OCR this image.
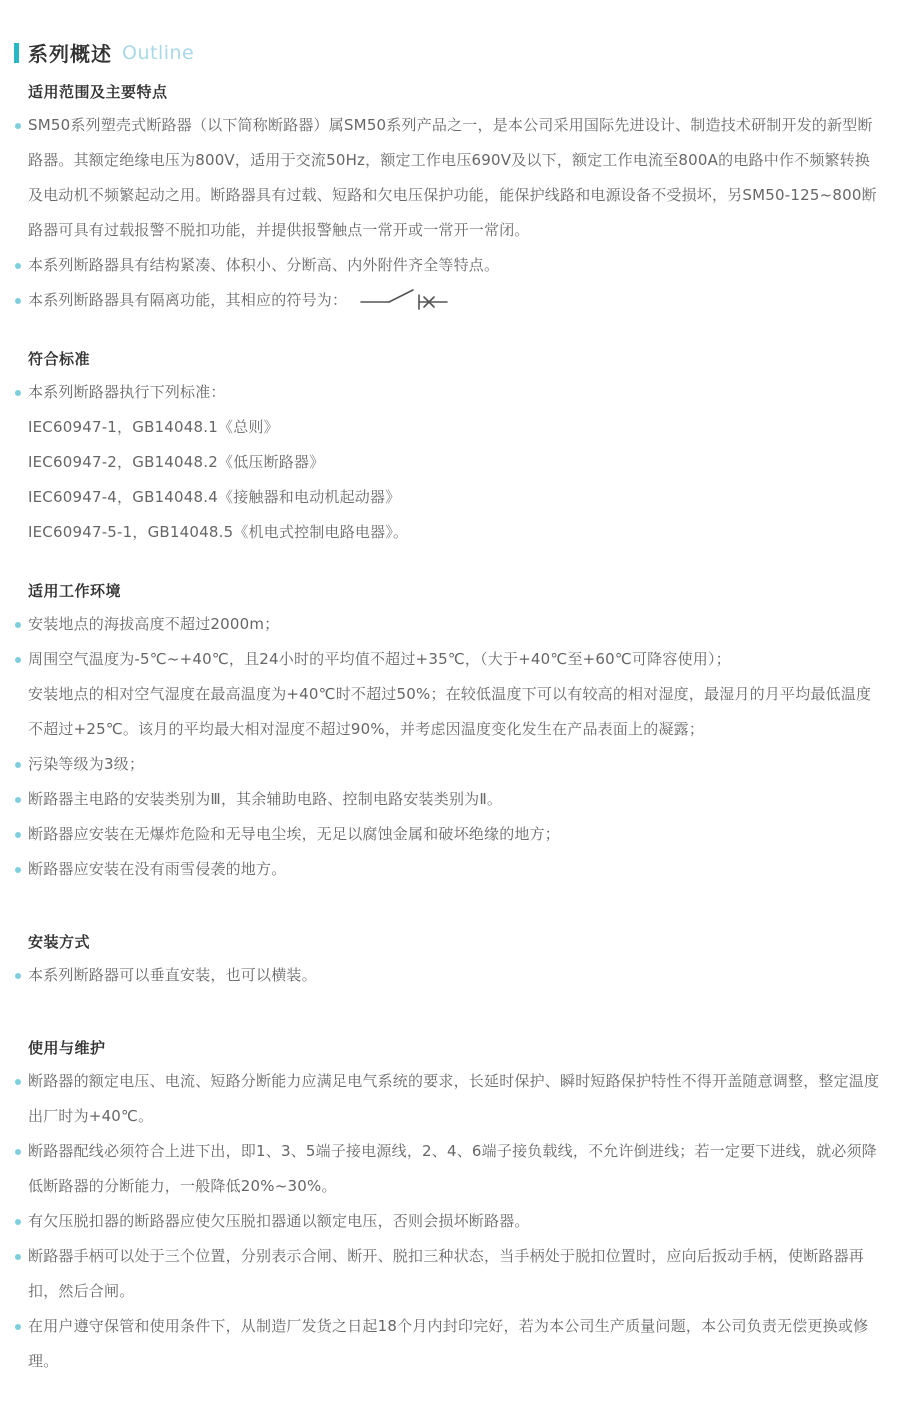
系列概述 Outline
适用范围及主要特点

SM50系列塑壳式断路器（以下简称断路器）属SM50系列产品之一，是本公司采用国际先进设计、制造技术研制开发的新型断路器。其额定绝缘电压为800V，适用于交流50Hz，额定工作电压690V及以下，额定工作电流至800A的电路中作不频繁转换及电动机不频繁起动之用。断路器具有过载、短路和欠电压保护功能，能保护线路和电源设备不受损坏，另SM50-125~800断路器可具有过载报警不脱扣功能，并提供报警触点一常开或一常开一常闭。

本系列断路器具有结构紧凑、体积小、分断高、内外附件齐全等特点。

本系列断路器具有隔离功能，其相应的符号为：

符合标准

本系列断路器执行下列标准：

IEC60947-1，GB14048.1《总则》

IEC60947-2，GB14048.2《低压断路器》

IEC60947-4，GB14048.4《接触器和电动机起动器》

IEC60947-5-1，GB14048.5《机电式控制电路电器》。

适用工作环境

安装地点的海拔高度不超过2000m；

周围空气温度为-5℃~+40℃，且24小时的平均值不超过+35℃，（大于+40℃至+60℃可降容使用）；

安装地点的相对空气湿度在最高温度为+40℃时不超过50%；在较低温度下可以有较高的相对湿度，最湿月的月平均最低温度不超过+25℃。该月的平均最大相对湿度不超过90%，并考虑因温度变化发生在产品表面上的凝露；

污染等级为3级；

断路器主电路的安装类别为Ⅲ，其余辅助电路、控制电路安装类别为Ⅱ。

断路器应安装在无爆炸危险和无导电尘埃，无足以腐蚀金属和破坏绝缘的地方；

断路器应安装在没有雨雪侵袭的地方。

安装方式

本系列断路器可以垂直安装，也可以横装。

使用与维护

断路器的额定电压、电流、短路分断能力应满足电气系统的要求，长延时保护、瞬时短路保护特性不得开盖随意调整，整定温度出厂时为+40℃。

断路器配线必须符合上进下出，即1、3、5端子接电源线，2、4、6端子接负载线，不允许倒进线；若一定要下进线，就必须降低断路器的分断能力，一般降低20%~30%。

有欠压脱扣器的断路器应使欠压脱扣器通以额定电压，否则会损坏断路器。

断路器手柄可以处于三个位置，分别表示合闸、断开、脱扣三种状态，当手柄处于脱扣位置时，应向后扳动手柄，使断路器再扣，然后合闸。

在用户遵守保管和使用条件下，从制造厂发货之日起18个月内封印完好，若为本公司生产质量问题，本公司负责无偿更换或修理。
